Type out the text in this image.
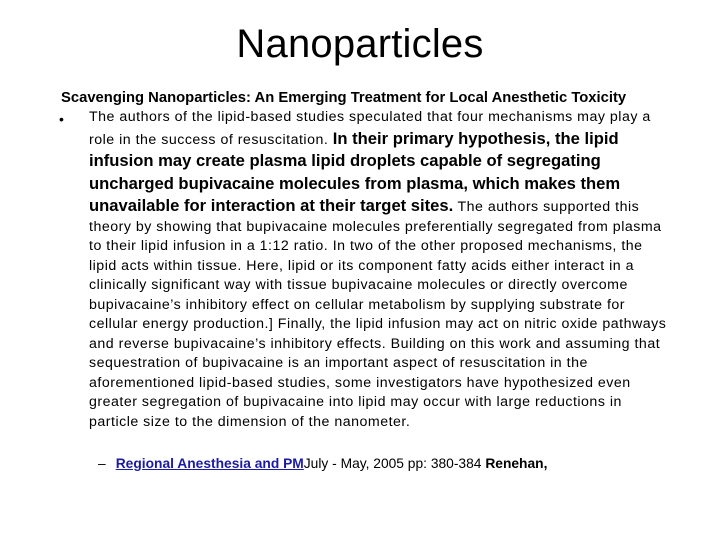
Nanoparticles
Scavenging Nanoparticles: An Emerging Treatment for Local Anesthetic Toxicity
• The authors of the lipid-based studies speculated that four mechanisms may play a role in the success of resuscitation. In their primary hypothesis, the lipid infusion may create plasma lipid droplets capable of segregating uncharged bupivacaine molecules from plasma, which makes them unavailable for interaction at their target sites. The authors supported this theory by showing that bupivacaine molecules preferentially segregated from plasma to their lipid infusion in a 1:12 ratio. In two of the other proposed mechanisms, the lipid acts within tissue. Here, lipid or its component fatty acids either interact in a clinically significant way with tissue bupivacaine molecules or directly overcome bupivacaine’s inhibitory effect on cellular metabolism by supplying substrate for cellular energy production.] Finally, the lipid infusion may act on nitric oxide pathways and reverse bupivacaine’s inhibitory effects. Building on this work and assuming that sequestration of bupivacaine is an important aspect of resuscitation in the aforementioned lipid-based studies, some investigators have hypothesized even greater segregation of bupivacaine into lipid may occur with large reductions in particle size to the dimension of the nanometer.

– Regional Anesthesia and PMJuly - May, 2005 pp: 380-384 Renehan,
